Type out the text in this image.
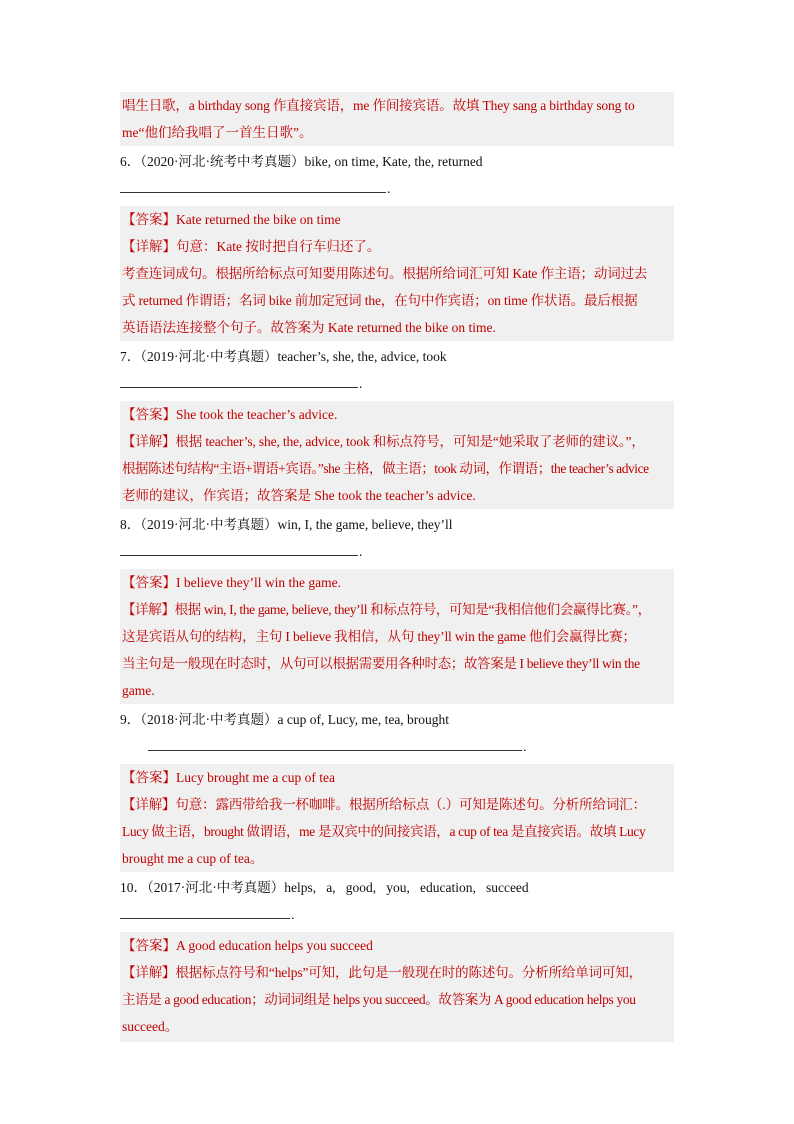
唱生日歌，a birthday song 作直接宾语，me 作间接宾语。故填 They sang a birthday song to
me“他们给我唱了一首生日歌”。
6．（2020·河北·统考中考真题）bike, on time, Kate, the, returned
.
【答案】Kate returned the bike on time
【详解】句意：Kate 按时把自行车归还了。
考查连词成句。根据所给标点可知要用陈述句。根据所给词汇可知 Kate 作主语；动词过去
式 returned 作谓语；名词 bike 前加定冠词 the，在句中作宾语；on time 作状语。最后根据
英语语法连接整个句子。故答案为 Kate returned the bike on time.
7．（2019·河北·中考真题）teacher’s, she, the, advice, took
.
【答案】She took the teacher’s advice.
【详解】根据 teacher’s, she, the, advice, took 和标点符号，可知是“她采取了老师的建议。”，
根据陈述句结构“主语+谓语+宾语。”she 主格，做主语；took 动词，作谓语；the teacher’s advice
老师的建议，作宾语；故答案是 She took the teacher’s advice.
8．（2019·河北·中考真题）win, I, the game, believe, they’ll
.
【答案】I believe they’ll win the game.
【详解】根据 win, I, the game, believe, they’ll 和标点符号，可知是“我相信他们会赢得比赛。”，
这是宾语从句的结构，主句 I believe 我相信，从句 they’ll win the game 他们会赢得比赛；
当主句是一般现在时态时，从句可以根据需要用各种时态；故答案是 I believe they’ll win the
game.
9．（2018·河北·中考真题）a cup of, Lucy, me, tea, brought
.
【答案】Lucy brought me a cup of tea
【详解】句意：露西带给我一杯咖啡。根据所给标点（.）可知是陈述句。分析所给词汇：
Lucy 做主语，brought 做谓语，me 是双宾中的间接宾语，a cup of tea 是直接宾语。故填 Lucy
brought me a cup of tea。
10．（2017·河北·中考真题）helps,   a,   good,   you,   education,   succeed
.
【答案】A good education helps you succeed
【详解】根据标点符号和“helps”可知，此句是一般现在时的陈述句。分析所给单词可知，
主语是 a good education；动词词组是 helps you succeed。故答案为 A good education helps you
succeed。
